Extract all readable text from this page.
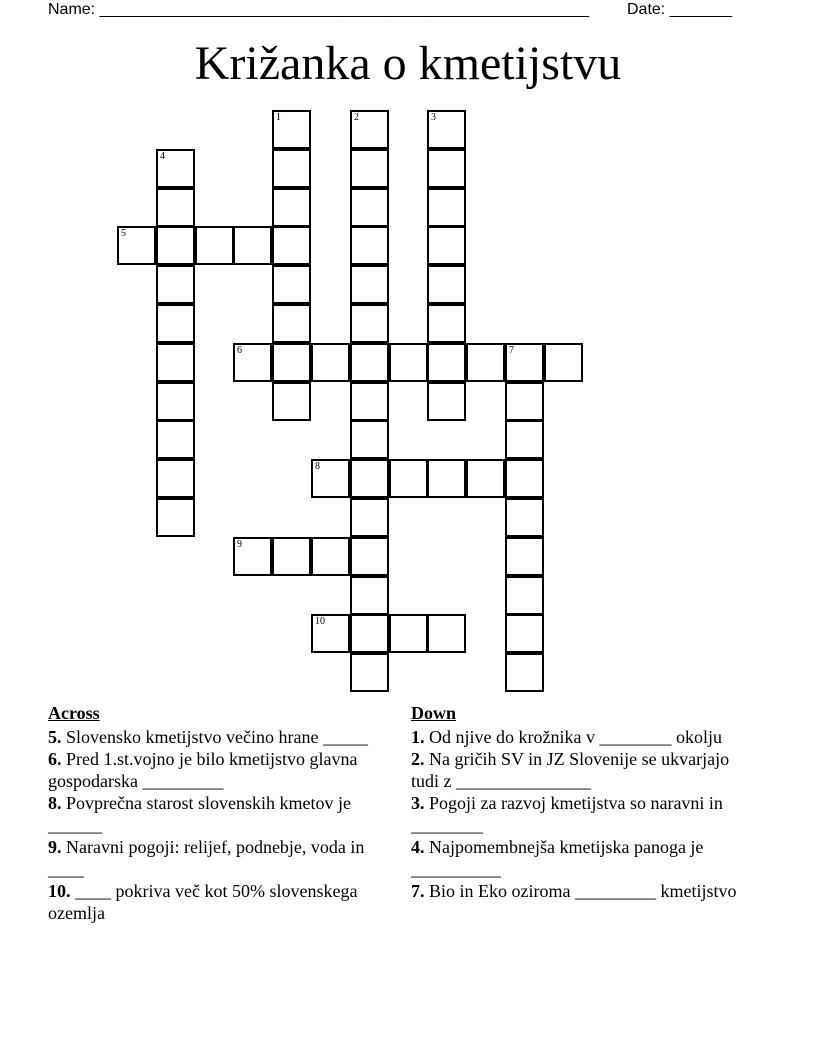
Name: _______________________________________________________ Date: _______
Križanka o kmetijstvu
1	2	3
4
5
6	7
8
9
10
Across

5. Slovensko kmetijstvo večino hrane _____

6. Pred 1.st.vojno je bilo kmetijstvo glavna gospodarska _________

8. Povprečna starost slovenskih kmetov je ______

9. Naravni pogoji: relijef, podnebje, voda in ____

10. ____ pokriva več kot 50% slovenskega ozemlja

Down

1. Od njive do krožnika v ________ okolju

2. Na gričih SV in JZ Slovenije se ukvarjajo tudi z _______________

3. Pogoji za razvoj kmetijstva so naravni in ________

4. Najpomembnejša kmetijska panoga je __________

7. Bio in Eko oziroma _________ kmetijstvo
